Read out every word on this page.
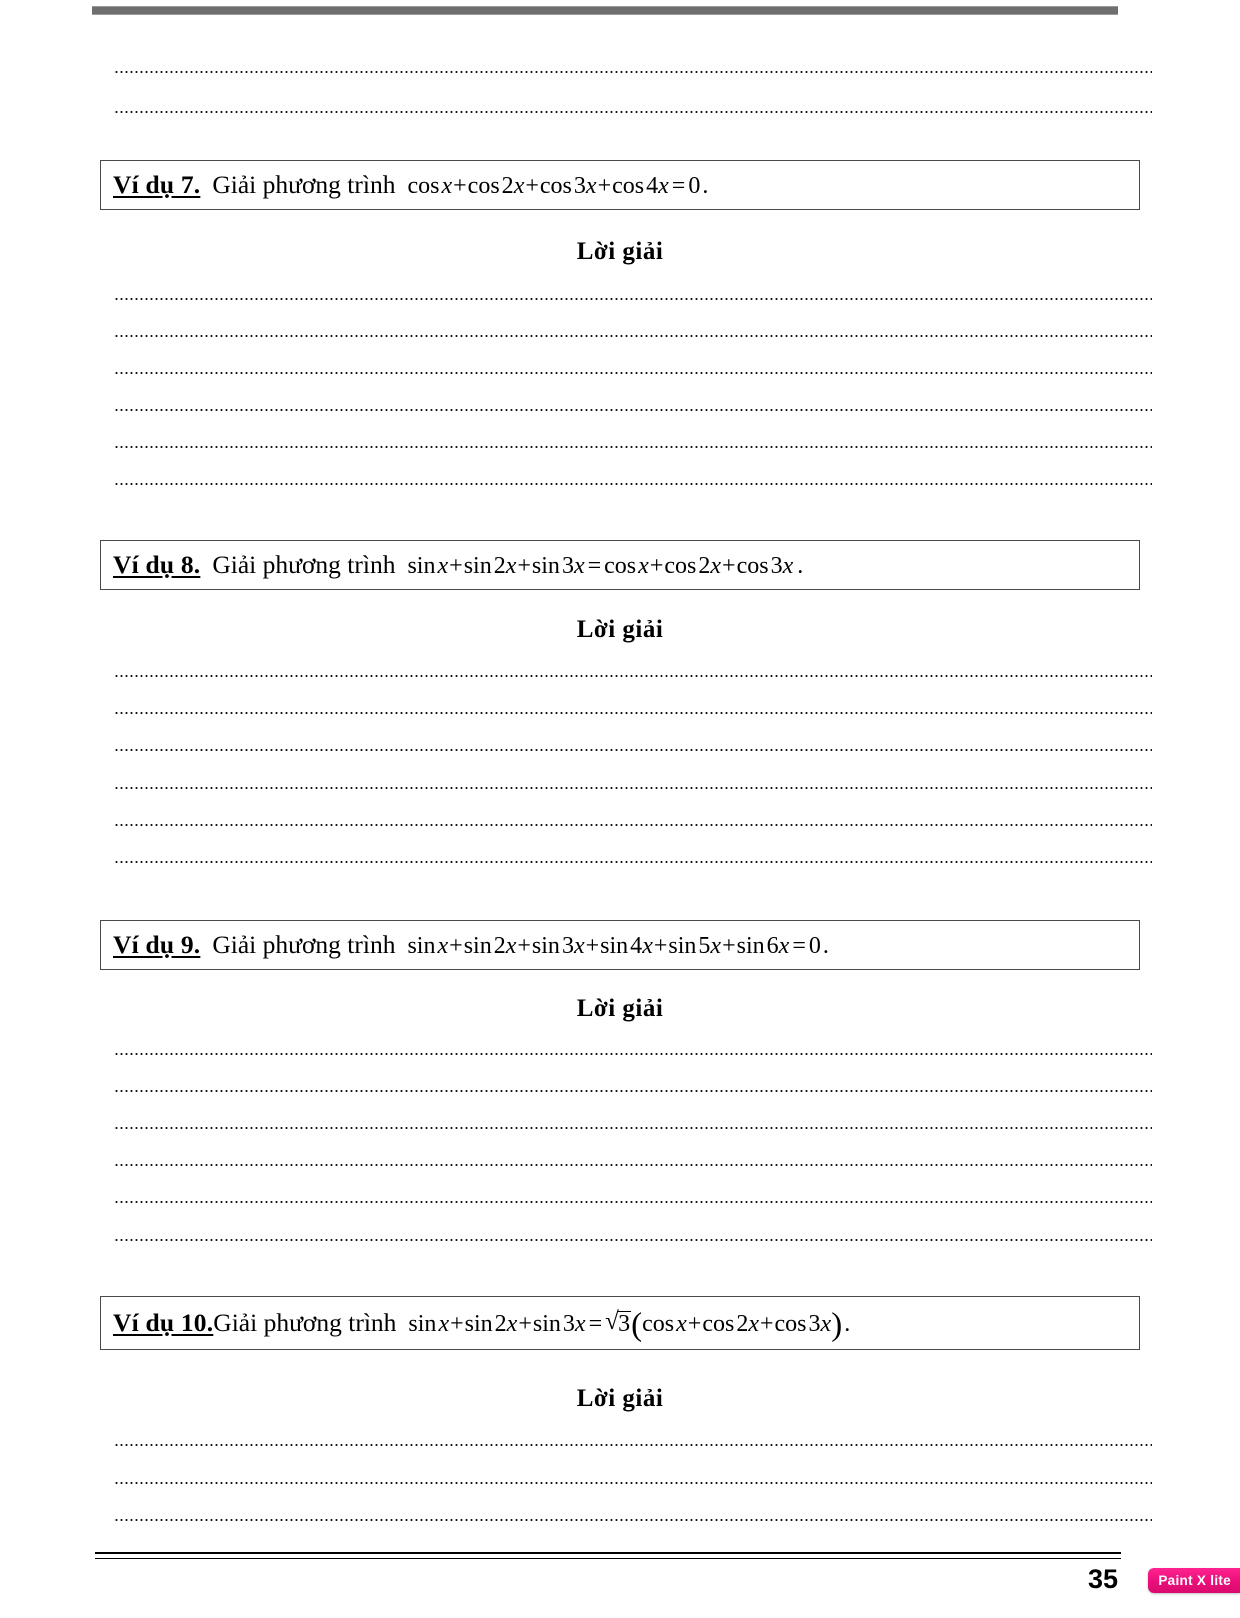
Ví dụ 7. Giải phương trình cos x+cos 2x+cos 3x+cos 4x = 0 .
Lời giải
Ví dụ 8. Giải phương trình sin x+sin 2x+sin 3x = cos x+cos 2x+cos 3x  .
Lời giải
Ví dụ 9. Giải phương trình sin x+sin 2x+sin 3x+sin 4x+sin 5x+sin 6x = 0 .
Lời giải
Ví dụ 10.Giải phương trình sin x+sin 2x+sin 3x = √ 3(cos x+cos 2x+cos 3x) .
Lời giải
35	Paint X lite
